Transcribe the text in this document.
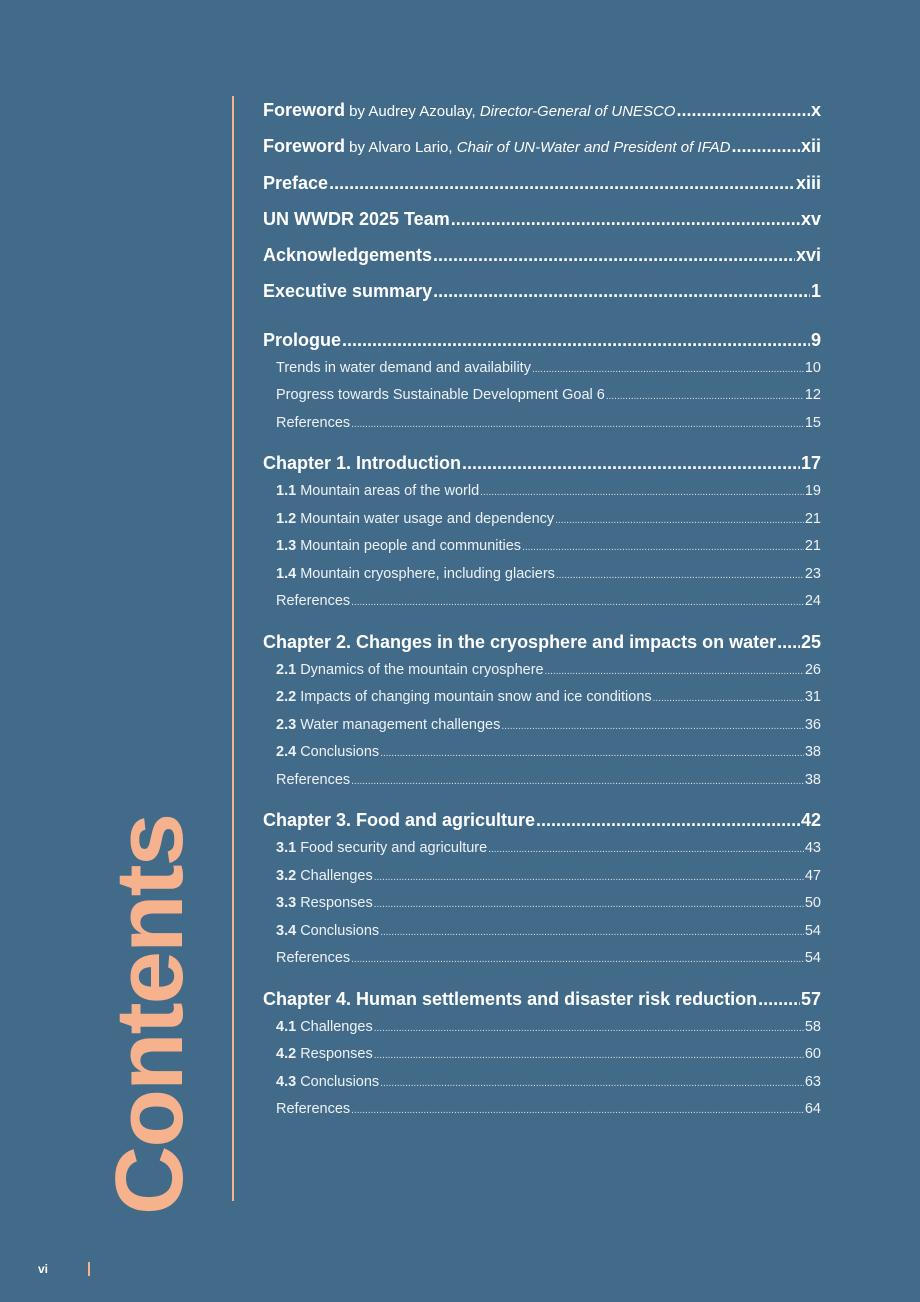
Contents
Foreword by Audrey Azoulay, Director-General of UNESCO .....	x
Foreword by Alvaro Lario, Chair of UN-Water and President of IFAD .....	xii
Preface .....	xiii
UN WWDR 2025 Team .....	xv
Acknowledgements .....	xvi
Executive summary .....	1
Prologue .....	9
Trends in water demand and availability .....	10
Progress towards Sustainable Development Goal 6 .....	12
References .....	15
Chapter 1. Introduction .....	17
1.1 Mountain areas of the world .....	19
1.2 Mountain water usage and dependency .....	21
1.3 Mountain people and communities .....	21
1.4 Mountain cryosphere, including glaciers .....	23
References .....	24
Chapter 2. Changes in the cryosphere and impacts on water ..... 25
2.1 Dynamics of the mountain cryosphere .....	26
2.2 Impacts of changing mountain snow and ice conditions .....	31
2.3 Water management challenges .....	36
2.4 Conclusions .....	38
References .....	38
Chapter 3. Food and agriculture .....	42
3.1 Food security and agriculture .....	43
3.2 Challenges .....	47
3.3 Responses .....	50
3.4 Conclusions .....	54
References .....	54
Chapter 4. Human settlements and disaster risk reduction ..... 57
4.1 Challenges .....	58
4.2 Responses .....	60
4.3 Conclusions .....	63
References .....	64
vi
